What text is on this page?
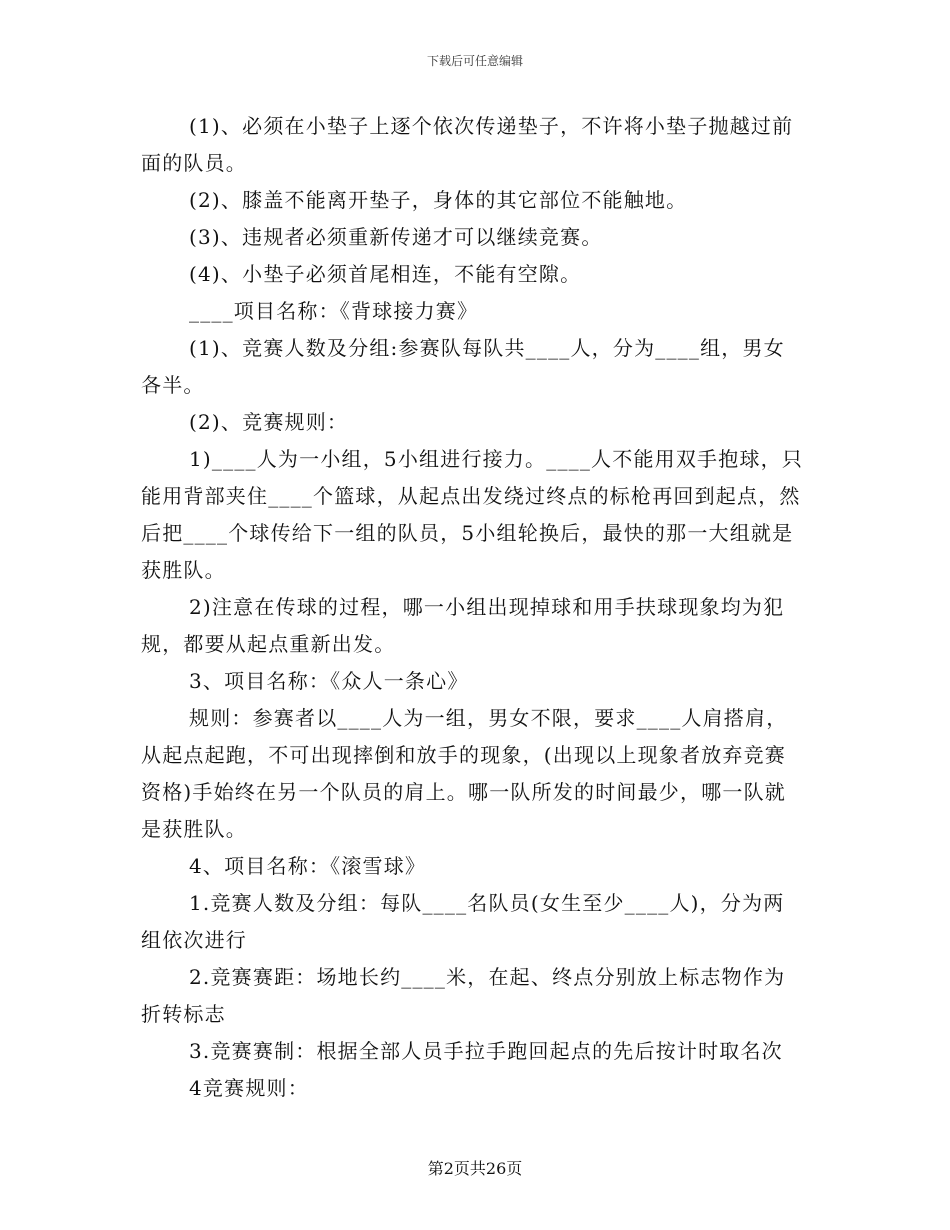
下载后可任意编辑

(1)、必须在小垫子上逐个依次传递垫子，不许将小垫子抛越过前面的队员。

(2)、膝盖不能离开垫子，身体的其它部位不能触地。

(3)、违规者必须重新传递才可以继续竞赛。

(4)、小垫子必须首尾相连，不能有空隙。

____项目名称：《背球接力赛》

(1)、竞赛人数及分组:参赛队每队共____人，分为____组，男女各半。

(2)、竞赛规则：

1)____人为一小组，5小组进行接力。____人不能用双手抱球，只能用背部夹住____个篮球，从起点出发绕过终点的标枪再回到起点，然后把____个球传给下一组的队员，5小组轮换后，最快的那一大组就是获胜队。

2)注意在传球的过程，哪一小组出现掉球和用手扶球现象均为犯规，都要从起点重新出发。

3、项目名称：《众人一条心》

规则：参赛者以____人为一组，男女不限，要求____人肩搭肩，从起点起跑，不可出现摔倒和放手的现象，(出现以上现象者放弃竞赛资格)手始终在另一个队员的肩上。哪一队所发的时间最少，哪一队就是获胜队。

4、项目名称：《滚雪球》

1.竞赛人数及分组：每队____名队员(女生至少____人)，分为两组依次进行

2.竞赛赛距：场地长约____米，在起、终点分别放上标志物作为折转标志

3.竞赛赛制：根据全部人员手拉手跑回起点的先后按计时取名次

4竞赛规则：

第2页共26页
